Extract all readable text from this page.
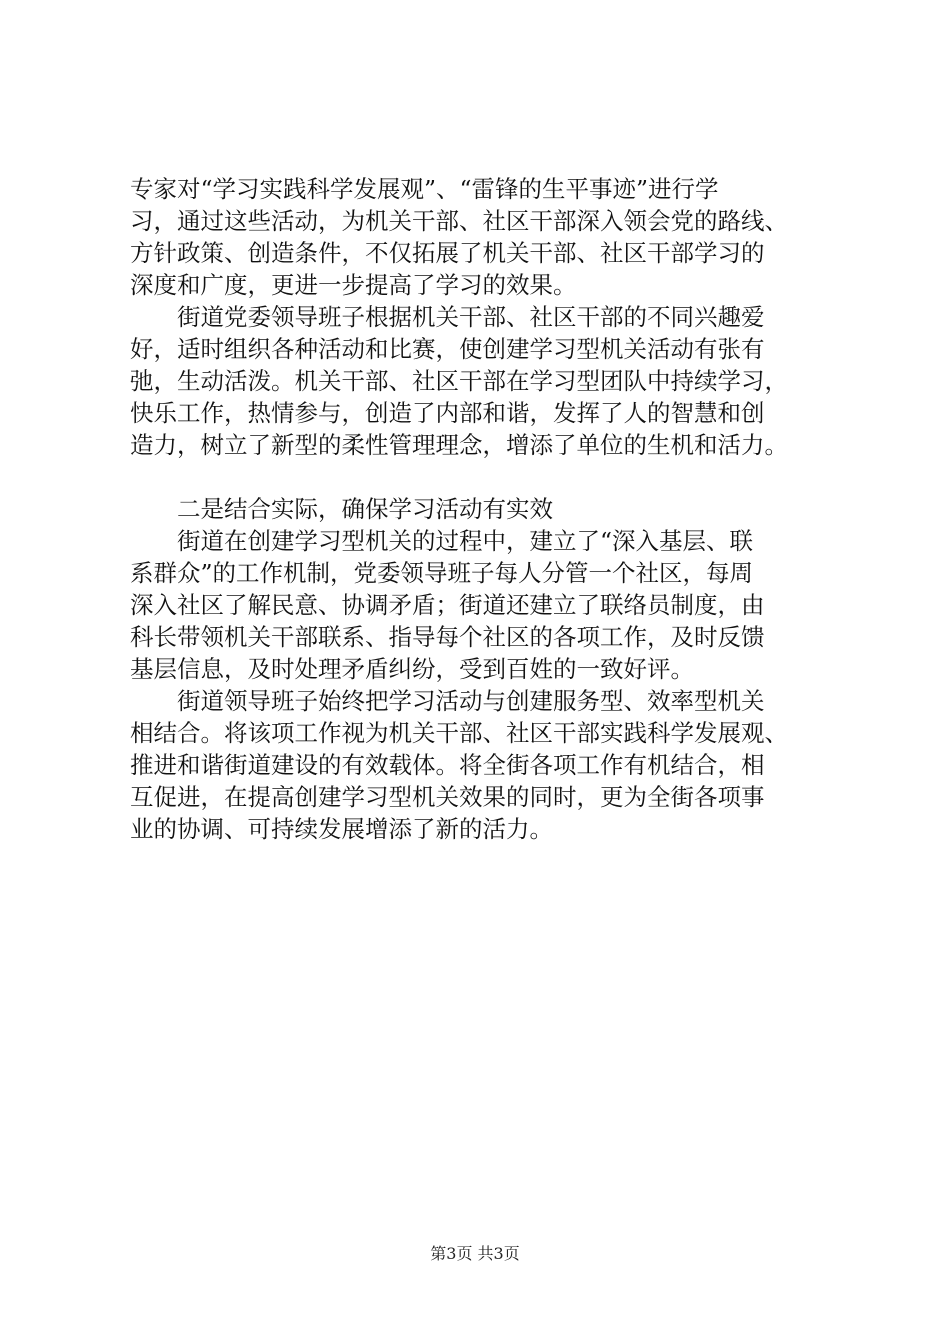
专家对“学习实践科学发展观”、“雷锋的生平事迹”进行学
习，通过这些活动，为机关干部、社区干部深入领会党的路线、
方针政策、创造条件，不仅拓展了机关干部、社区干部学习的
深度和广度，更进一步提高了学习的效果。
　　街道党委领导班子根据机关干部、社区干部的不同兴趣爱
好，适时组织各种活动和比赛，使创建学习型机关活动有张有
弛，生动活泼。机关干部、社区干部在学习型团队中持续学习，
快乐工作，热情参与，创造了内部和谐，发挥了人的智慧和创
造力，树立了新型的柔性管理理念，增添了单位的生机和活力。
　　二是结合实际，确保学习活动有实效
　　街道在创建学习型机关的过程中，建立了“深入基层、联
系群众”的工作机制，党委领导班子每人分管一个社区，每周
深入社区了解民意、协调矛盾；街道还建立了联络员制度，由
科长带领机关干部联系、指导每个社区的各项工作，及时反馈
基层信息，及时处理矛盾纠纷，受到百姓的一致好评。
　　街道领导班子始终把学习活动与创建服务型、效率型机关
相结合。将该项工作视为机关干部、社区干部实践科学发展观、
推进和谐街道建设的有效载体。将全街各项工作有机结合，相
互促进，在提高创建学习型机关效果的同时，更为全街各项事
业的协调、可持续发展增添了新的活力。
第3页 共3页
